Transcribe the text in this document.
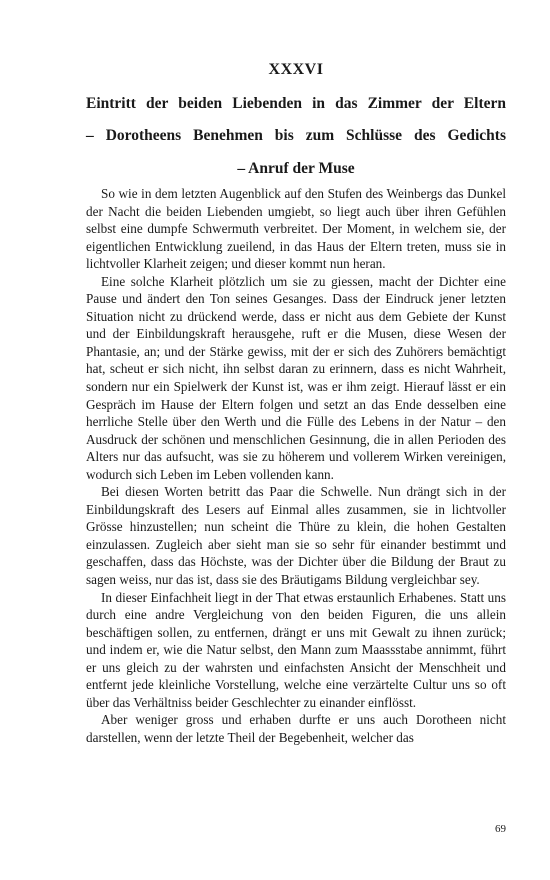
XXXVI
Eintritt der beiden Liebenden in das Zimmer der Eltern
– Dorotheens Benehmen bis zum Schlüsse des Gedichts
– Anruf der Muse

So wie in dem letzten Augenblick auf den Stufen des Weinbergs das Dunkel der Nacht die beiden Liebenden umgiebt, so liegt auch über ihren Gefühlen selbst eine dumpfe Schwermuth verbreitet. Der Moment, in welchem sie, der eigentlichen Entwicklung zueilend, in das Haus der Eltern treten, muss sie in lichtvoller Klarheit zeigen; und dieser kommt nun heran.

Eine solche Klarheit plötzlich um sie zu giessen, macht der Dichter eine Pause und ändert den Ton seines Gesanges. Dass der Eindruck jener letzten Situation nicht zu drückend werde, dass er nicht aus dem Gebiete der Kunst und der Einbildungskraft herausgehe, ruft er die Musen, diese Wesen der Phantasie, an; und der Stärke gewiss, mit der er sich des Zuhörers bemächtigt hat, scheut er sich nicht, ihn selbst daran zu erinnern, dass es nicht Wahrheit, sondern nur ein Spielwerk der Kunst ist, was er ihm zeigt. Hierauf lässt er ein Gespräch im Hause der Eltern folgen und setzt an das Ende desselben eine herrliche Stelle über den Werth und die Fülle des Lebens in der Natur – den Ausdruck der schönen und menschlichen Gesinnung, die in allen Perioden des Alters nur das aufsucht, was sie zu höherem und vollerem Wirken vereinigen, wodurch sich Leben im Leben vollenden kann.

Bei diesen Worten betritt das Paar die Schwelle. Nun drängt sich in der Einbildungskraft des Lesers auf Einmal alles zusammen, sie in lichtvoller Grösse hinzustellen; nun scheint die Thüre zu klein, die hohen Gestalten einzulassen. Zugleich aber sieht man sie so sehr für einander bestimmt und geschaffen, dass das Höchste, was der Dichter über die Bildung der Braut zu sagen weiss, nur das ist, dass sie des Bräutigams Bildung vergleichbar sey.

In dieser Einfachheit liegt in der That etwas erstaunlich Erhabenes. Statt uns durch eine andre Vergleichung von den beiden Figuren, die uns allein beschäftigen sollen, zu entfernen, drängt er uns mit Gewalt zu ihnen zurück; und indem er, wie die Natur selbst, den Mann zum Maassstabe annimmt, führt er uns gleich zu der wahrsten und einfachsten Ansicht der Menschheit und entfernt jede kleinliche Vorstellung, welche eine verzärtelte Cultur uns so oft über das Verhältniss beider Geschlechter zu einander einflösst.

Aber weniger gross und erhaben durfte er uns auch Dorotheen nicht darstellen, wenn der letzte Theil der Begebenheit, welcher das

69
